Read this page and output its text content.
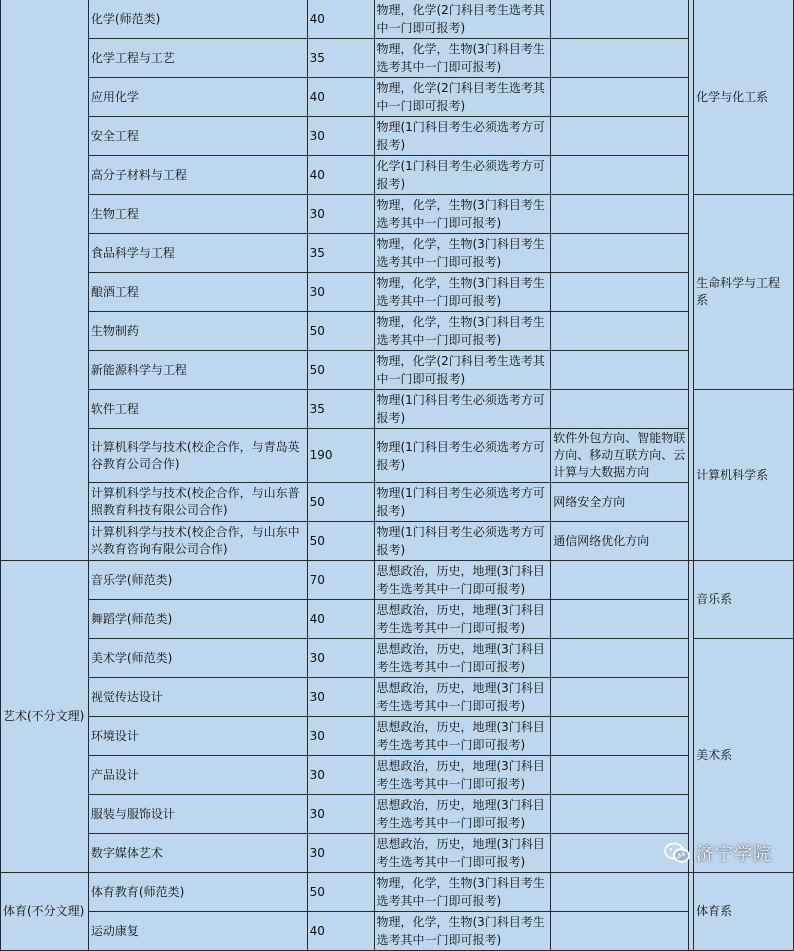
	化学(师范类)	40	物理，化学(2门科目考生选考其中一门即可报考)			化学与化工系
	化学工程与工艺	35	物理，化学，生物(3门科目考生选考其中一门即可报考)			
	应用化学	40	物理，化学(2门科目考生选考其中一门即可报考)			
	安全工程	30	物理(1门科目考生必须选考方可报考)			
	高分子材料与工程	40	化学(1门科目考生必须选考方可报考)			
	生物工程	30	物理，化学，生物(3门科目考生选考其中一门即可报考)			生命科学与工程系
	食品科学与工程	35	物理，化学，生物(3门科目考生选考其中一门即可报考)			
	酿酒工程	30	物理，化学，生物(3门科目考生选考其中一门即可报考)			
	生物制药	50	物理，化学，生物(3门科目考生选考其中一门即可报考)			
	新能源科学与工程	50	物理，化学(2门科目考生选考其中一门即可报考)			
	软件工程	35	物理(1门科目考生必须选考方可报考)			计算机科学系
	计算机科学与技术(校企合作，与青岛英谷教育公司合作)	190	物理(1门科目考生必须选考方可报考)	软件外包方向、智能物联方向、移动互联方向、云计算与大数据方向		
	计算机科学与技术(校企合作，与山东普照教育科技有限公司合作)	50	物理(1门科目考生必须选考方可报考)	网络安全方向		
	计算机科学与技术(校企合作，与山东中兴教育咨询有限公司合作)	50	物理(1门科目考生必须选考方可报考)	通信网络优化方向		
艺术(不分文理)	音乐学(师范类)	70	思想政治，历史，地理(3门科目考生选考其中一门即可报考)			音乐系
	舞蹈学(师范类)	40	思想政治，历史，地理(3门科目考生选考其中一门即可报考)			
	美术学(师范类)	30	思想政治，历史，地理(3门科目考生选考其中一门即可报考)			美术系
	视觉传达设计	30	思想政治，历史，地理(3门科目考生选考其中一门即可报考)			
	环境设计	30	思想政治，历史，地理(3门科目考生选考其中一门即可报考)			
	产品设计	30	思想政治，历史，地理(3门科目考生选考其中一门即可报考)			
	服装与服饰设计	30	思想政治，历史，地理(3门科目考生选考其中一门即可报考)			
	数字媒体艺术	30	思想政治，历史，地理(3门科目考生选考其中一门即可报考)			
体育(不分文理)	体育教育(师范类)	50	物理，化学，生物(3门科目考生选考其中一门即可报考)			体育系
	运动康复	40	物理，化学，生物(3门科目考生选考其中一门即可报考)			
济宁学院
